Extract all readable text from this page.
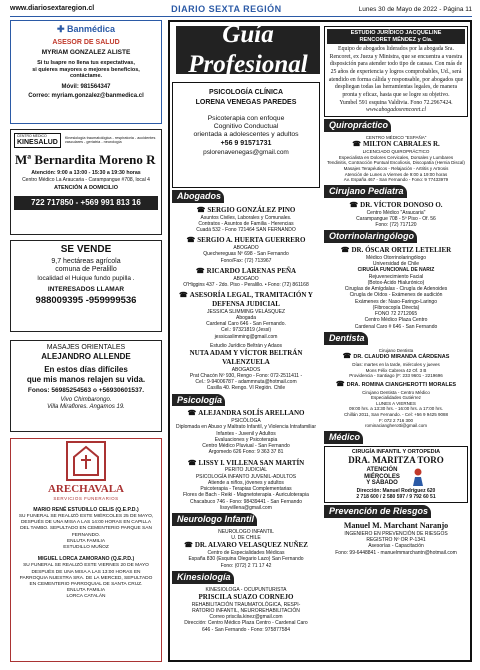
www.diariosextaregion.cl	DIARIO SEXTA REGIÓN	Lunes 30 de Mayo de 2022 - Página 11
✚ Banmédica
ASESOR DE SALUD
MYRIAM GONZALEZ ALISTE
Si tu Isapre no llena tus expectativas,
si quieres mayores o mejores beneficios,
contáctame.
Móvil: 981564347
Correo: myriam.gonzalez@banmedica.cl
CENTRO MÉDICO
KINESALUD
Kinesiología traumatológica - respiratoria - accidentes vasculares - geriatría - neurología
Mª Bernardita Moreno R
Atención: 9:00 a 13:00 - 15:30 a 19:30 horas
Centro Médico La Araucaria - Carampangue #708, local 4
ATENCIÓN A DOMICILIO
722 717850 - +569 991 813 16
SE VENDE
9,7 hectáreas agrícola
comuna de Peralillo
localidad el Huique fundo pupilla .
INTERESADOS LLAMAR
988009395 -959999536
MASAJES ORIENTALES
ALEJANDRO ALLENDE
En estos días difíciles
que mis manos relajen su vida.
Fonos: 56985254563 o +56930601537.
Vivo Chimbarongo.
Villa Miraflores. Angamos 19.
ARECHAVALA
SERVICIOS FUNERARIOS
MARIO RENÉ ESTUDILLO CELIS (Q.E.P.D.)
SU FUNERAL SE REALIZÓ ESTE MIÉRCOLES 25 DE MAYO, DESPUÉS DE UNA MISA A LAS 14:00 HORAS EN CAPILLA DEL TAMBO. SEPULTADO EN CEMENTERIO PARQUE SAN FERNANDO.
ENLUTA FAMILIA
ESTUDILLO MUÑOZ
MIGUEL LORCA ZAMORANO (Q.E.P.D.)
SU FUNERAL SE REALIZÓ ESTE VIERNES 20 DE MAYO DESPUÉS DE UNA MISA A LAS 13:00 HORAS EN PARROQUIA NUESTRA SRA. DE LA MERCED, SEPULTADO EN CEMENTERIO PARROQUIAL DE SANTA CRUZ.
ENLUTA FAMILIA
LORCA CATALÁN
Guía Profesional
PSICOLOGÍA CLÍNICA
LORENA VENEGAS PAREDES
Psicoterapia con enfoque
Cognitivo Conductual
orientada a adolescentes y adultos
+56 9 91571731
pslorenavenegas@gmail.com
Abogados
☎ SERGIO GONZÁLEZ PINO
Asuntos Civiles, Laborales y Comunales.
Contratos - Asuntos de Familia - Herencias
Cuadá 532 - Fono 721464 SAN FERNANDO
☎ SERGIO A. HUERTA GUERRERO
ABOGADO
Quechereguas Nº 698 - San Fernando
Fono/Fax: (72) 713967
☎ RICARDO LARENAS PEÑA
ABOGADO
O'Higgins 437 - 2do. Piso - Peralillo. • Fono: (72) 861168
☎ ASESORÍA LEGAL, TRAMITACIÓN Y DEFENSA JUDICIAL
JESSICA SLIMMING VELÁSQUEZ
Abogada
Cardenal Caro 646 - San Fernando.
Cel.: 97321819 (Jessi)
jessicaslimming@gmail.com
Estudio Jurídico Beltrán y Adaos
NUTA ADAM Y VÍCTOR BELTRÁN VALENZUELA
ABOGADOS
Prat Chacón Nº 930, Rengo - Fono: 072-2511411 -
Cel.: 9-94006787 - adammnuta@hotmail.com
Casilla 40. Rengo. VI Región. Chile
Psicología
☎ ALEJANDRA SOLÍS ARELLANO
PSICÓLOGA
Diplomada en Abuso y Maltrato Infantil, y Violencia Intrafamiliar
Infantes - Juvenil y Adultos
Evaluaciones y Psicoterapia
Centro Médico Pluviual - San Fernando
Argomedo 626 Fono: 9 363 37 81
☎ LISSY I. VILLENA SAN MARTÍN
PERITO JUDICIAL
PSICOLOGÍA INFANTO JUVENIL-ADULTOS
Atiende a niños, jóvenes y adultos
Psicoterapia - Terapias Complementarias
Flores de Bach - Reiki - Magnetoterapia - Auriculoterapia
Chacabuco 746 - Fono: 98439441 - San Fernando
lissyvillena@gmail.com
Neurologo Infantil
NEUROLOGO INFANTIL
U. DE CHILE
☎ DR. ALVARO VELASQUEZ NUÑEZ
Centro de Especialidades Médicas
España 830 (Esquina Olegario Lazo) San Fernando
Fono: (072) 2 71 17 42
Kinesiología
KINESIOLOGA - OCUPUNTURISTA
PRISCILA SUAZO CORNEJO
REHABILITACIÓN TRAUMATOLÓGICA, RESPI-
RATORIO INFANTIL, NEUROREHABILITACIÓN
Correo priscila.kinez@gmail.com
Dirección: Centro Médico Plaza Centro - Cardenal Caro
646 - San Fernando - Fono: 975877584
ESTUDIO JURÍDICO JACQUELINE
RENCORET MÉNDEZ y Cía.
Equipo de abogados liderados por la abogada Sra. Rencoret, ex Jueza y Ministra, que se encuentra a vuestra disposición para atender todo tipo de causas. Con más de 25 años de experiencia y logros comprobables, Ud., será atendido en forma cálida y responsable, por abogados que despliegan todas las herramientas legales, de manera pronta y eficaz, hasta que se logre su objetivo.
Yumbel 591 esquina Valdivia. Fono 72.2967424.
www.abogadosrencoret.cl
Quiropráctico
CENTRO MÉDICO "ESPAÑA"
☎ MILTON CABRALES R.
LICENCIADO QUIROPRÁCTICO
Especialista en Dolores Cervicales, Dorsales y Lumbares
Tendinitis, Contracción Puntual Escoliosis, Discopatía (Hernia Discal)
Masajes Terapéuticos - Relajación - Artritis y Artrosis
Atención de Lunes a Viernes de 9:00 a 19:00 horas
Av. España 467 - San Fernando - Fono: 9 77433979
Cirujano Pediatra
☎ DR. VÍCTOR DONOSO O.
Centro Médico "Araucaria"
Carampangue 708 - 5º Piso - Of. 56
Fono: (72) 717120
Otorrinolaringólogo
☎ DR. ÓSCAR ORTIZ LETELIER
Médico Otorrinolaringólogo
Universidad de Chile
CIRUGÍA FUNCIONAL DE NARIZ
Rejuvenecimiento Facial
(Botox-Ácido Hialurónico)
Cirugías de Amígdalas - Cirugía de Adenoides
Cirugía de Oídos - Exámenes de audición
Exámenes de: Naso-Faringo-Laringo
(Fibroscopía Directa)
FONO 72 2712065
Centro Médico Plaza Centro
Cardenal Caro # 646 - San Fernando
Dentista
Cirujano Dentista
☎ DR. CLAUDIO MIRANDA CÁRDENAS
Días: martes en la tarde, miércoles y jueves
Mons Félix Cabrera 42 Of. 3 B
Providencia - Santiago (F: 233 9601 - 2219696
☎ DRA. ROMINA CIANGHEROTTI MORALES
Cirujano Dentista - Centro Médico
Especialidades Gutiérrez
LUNES A VIERNES
09:00 hrs. a 13:30 hrs. - 16:00 hrs. a 17:00 hrs.
Chillán 2011, San Fernando. - Cel: +56 9 9425 9088
F: 072 2 716 300
rominaciangherotti@gmail.com
Médico
CIRUGÍA INFANTIL Y ORTOPEDIA
DRA. MARITZA TORO
ATENCIÓN
MIÉRCOLES
Y SÁBADO
Dirección: Manuel Rodríguez 620
2 718 600 / 2 580 597 / 9 792 60 51
Prevención de Riesgos
Manuel M. Marchant Naranjo
INGENIERO EN PREVENCIÓN DE RIESGOS
REGISTRO Nº OR P-1341
Asesorías - Capacitación
Fono: 99-6448841 - manuelmmarchantn@hotmail.com
